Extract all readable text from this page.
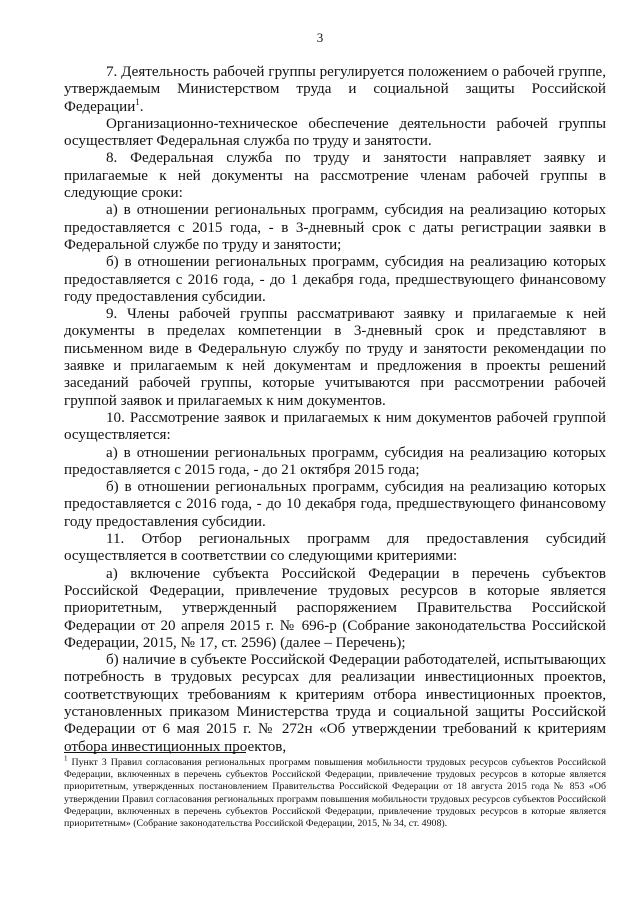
3

7. Деятельность рабочей группы регулируется положением о рабочей группе, утверждаемым Министерством труда и социальной защиты Российской Федерации$^1$.

Организационно-техническое обеспечение деятельности рабочей группы осуществляет Федеральная служба по труду и занятости.

8. Федеральная служба по труду и занятости направляет заявку и прилагаемые к ней документы на рассмотрение членам рабочей группы в следующие сроки:

а) в отношении региональных программ, субсидия на реализацию которых предоставляется с 2015 года, - в 3-дневный срок с даты регистрации заявки в Федеральной службе по труду и занятости;

б) в отношении региональных программ, субсидия на реализацию которых предоставляется с 2016 года, - до 1 декабря года, предшествующего финансовому году предоставления субсидии.

9. Члены рабочей группы рассматривают заявку и прилагаемые к ней документы в пределах компетенции в 3-дневный срок и представляют в письменном виде в Федеральную службу по труду и занятости рекомендации по заявке и прилагаемым к ней документам и предложения в проекты решений заседаний рабочей группы, которые учитываются при рассмотрении рабочей группой заявок и прилагаемых к ним документов.

10. Рассмотрение заявок и прилагаемых к ним документов рабочей группой осуществляется:

а) в отношении региональных программ, субсидия на реализацию которых предоставляется с 2015 года, - до 21 октября 2015 года;

б) в отношении региональных программ, субсидия на реализацию которых предоставляется с 2016 года, - до 10 декабря года, предшествующего финансовому году предоставления субсидии.

11. Отбор региональных программ для предоставления субсидий осуществляется в соответствии со следующими критериями:

а) включение субъекта Российской Федерации в перечень субъектов Российской Федерации, привлечение трудовых ресурсов в которые является приоритетным, утвержденный распоряжением Правительства Российской Федерации от 20 апреля 2015 г. № 696-р (Собрание законодательства Российской Федерации, 2015, № 17, ст. 2596) (далее – Перечень);

б) наличие в субъекте Российской Федерации работодателей, испытывающих потребность в трудовых ресурсах для реализации инвестиционных проектов, соответствующих требованиям к критериям отбора инвестиционных проектов, установленных приказом Министерства труда и социальной защиты Российской Федерации от 6 мая 2015 г. № 272н «Об утверждении требований к критериям отбора инвестиционных проектов,

$^1$ Пункт 3 Правил согласования региональных программ повышения мобильности трудовых ресурсов субъектов Российской Федерации, включенных в перечень субъектов Российской Федерации, привлечение трудовых ресурсов в которые является приоритетным, утвержденных постановлением Правительства Российской Федерации от 18 августа 2015 года № 853 «Об утверждении Правил согласования региональных программ повышения мобильности трудовых ресурсов субъектов Российской Федерации, включенных в перечень субъектов Российской Федерации, привлечение трудовых ресурсов в которые является приоритетным» (Собрание законодательства Российской Федерации, 2015, № 34, ст. 4908).
